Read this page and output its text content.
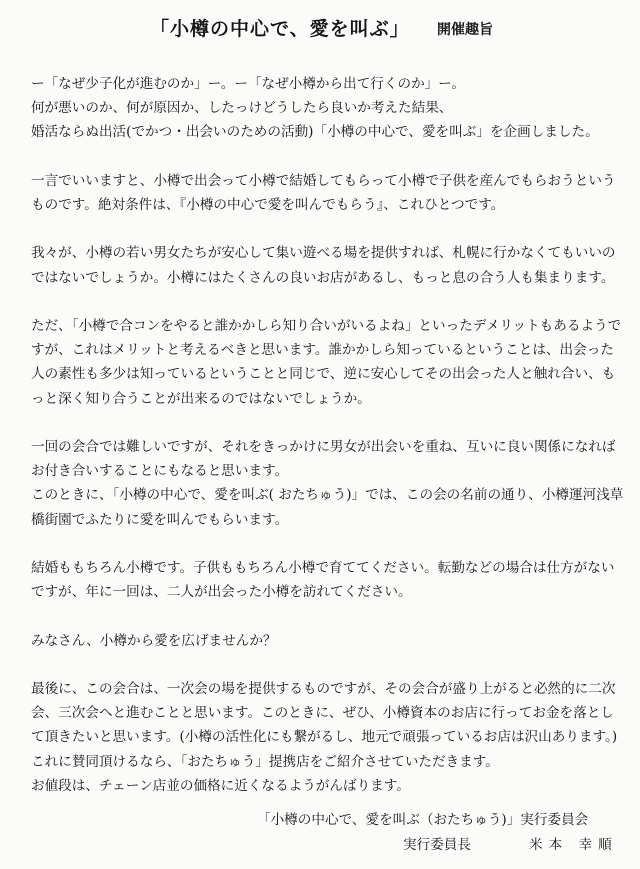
「小樽の中心で、愛を叫ぶ」 開催趣旨
ー「なぜ少子化が進むのか」ー。ー「なぜ小樽から出て行くのか」ー。
何が悪いのか、何が原因か、したっけどうしたら良いか考えた結果、
婚活ならぬ出活(でかつ・出会いのための活動)「小樽の中心で、愛を叫ぶ」を企画しました。
一言でいいますと、小樽で出会って小樽で結婚してもらって小樽で子供を産んでもらおうという
ものです。絶対条件は、『小樽の中心で愛を叫んでもらう』、これひとつです。
我々が、小樽の若い男女たちが安心して集い遊べる場を提供すれば、札幌に行かなくてもいいの
ではないでしょうか。小樽にはたくさんの良いお店があるし、もっと息の合う人も集まります。
ただ、「小樽で合コンをやると誰かかしら知り合いがいるよね」といったデメリットもあるようで
すが、これはメリットと考えるべきと思います。誰かかしら知っているということは、出会った
人の素性も多少は知っているということと同じで、逆に安心してその出会った人と触れ合い、も
っと深く知り合うことが出来るのではないでしょうか。
一回の会合では難しいですが、それをきっかけに男女が出会いを重ね、互いに良い関係になれば
お付き合いすることにもなると思います。
このときに、「小樽の中心で、愛を叫ぶ( おたちゅう)」では、この会の名前の通り、小樽運河浅草
橋街園でふたりに愛を叫んでもらいます。
結婚ももちろん小樽です。子供ももちろん小樽で育ててください。転勤などの場合は仕方がない
ですが、年に一回は、二人が出会った小樽を訪れてください。
みなさん、小樽から愛を広げませんか？
最後に、この会合は、一次会の場を提供するものですが、その会合が盛り上がると必然的に二次
会、三次会へと進むことと思います。このときに、ぜひ、小樽資本のお店に行ってお金を落とし
て頂きたいと思います。(小樽の活性化にも繋がるし、地元で頑張っているお店は沢山あります。)
これに賛同頂けるなら、「おたちゅう」提携店をご紹介させていただきます。
お値段は、チェーン店並の価格に近くなるようがんばります。
「小樽の中心で、愛を叫ぶ（おたちゅう)」実行委員会
実行委員長	米本 幸順
